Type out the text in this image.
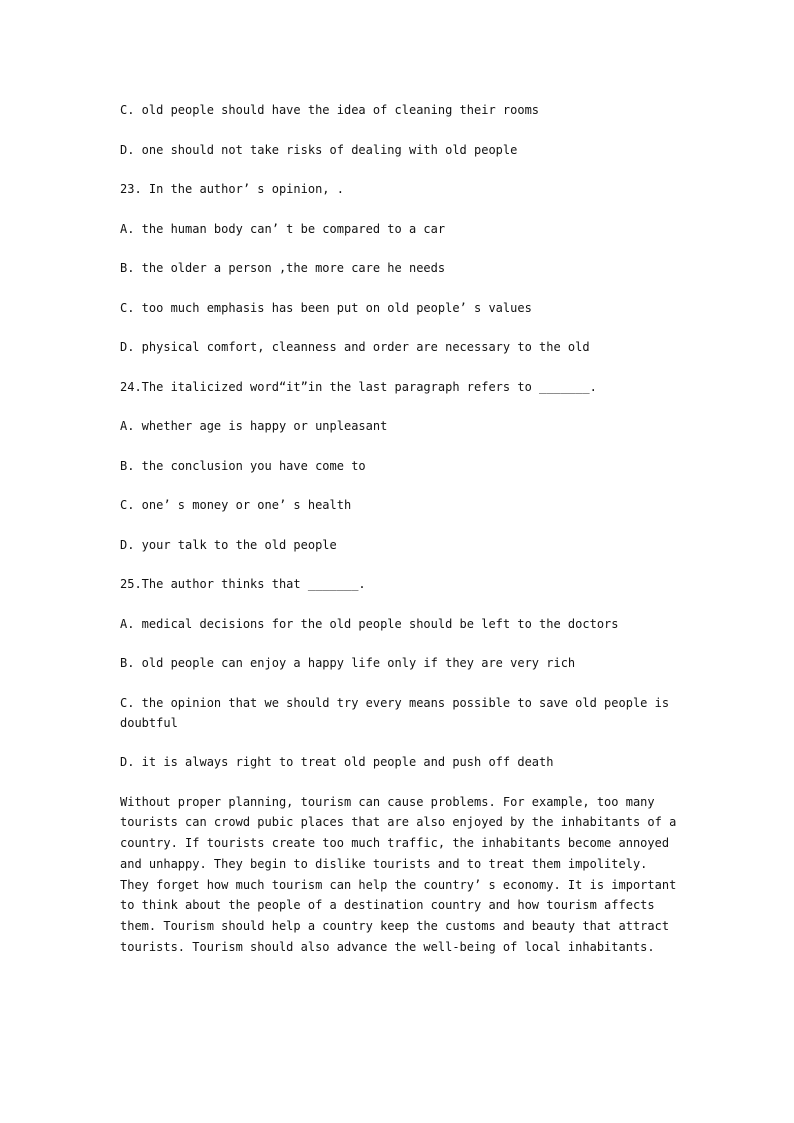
C. old people should have the idea of cleaning their rooms
D. one should not take risks of dealing with old people
23. In the author’ s opinion, .
A. the human body can’ t be compared to a car
B. the older a person ,the more care he needs
C. too much emphasis has been put on old people’ s values
D. physical comfort, cleanness and order are necessary to the old
24.The italicized word“it”in the last paragraph refers to _______.
A. whether age is happy or unpleasant
B. the conclusion you have come to
C. one’ s money or one’ s health
D. your talk to the old people
25.The author thinks that _______.
A. medical decisions for the old people should be left to the doctors
B. old people can enjoy a happy life only if they are very rich
C. the opinion that we should try every means possible to save old people is doubtful
D. it is always right to treat old people and push off death
Without proper planning, tourism can cause problems. For example, too many tourists can crowd pubic places that are also enjoyed by the inhabitants of a country. If tourists create too much traffic, the inhabitants become annoyed and unhappy. They begin to dislike tourists and to treat them impolitely. They forget how much tourism can help the country’ s economy. It is important to think about the people of a destination country and how tourism affects them. Tourism should help a country keep the customs and beauty that attract tourists. Tourism should also advance the well-being of local inhabitants.
